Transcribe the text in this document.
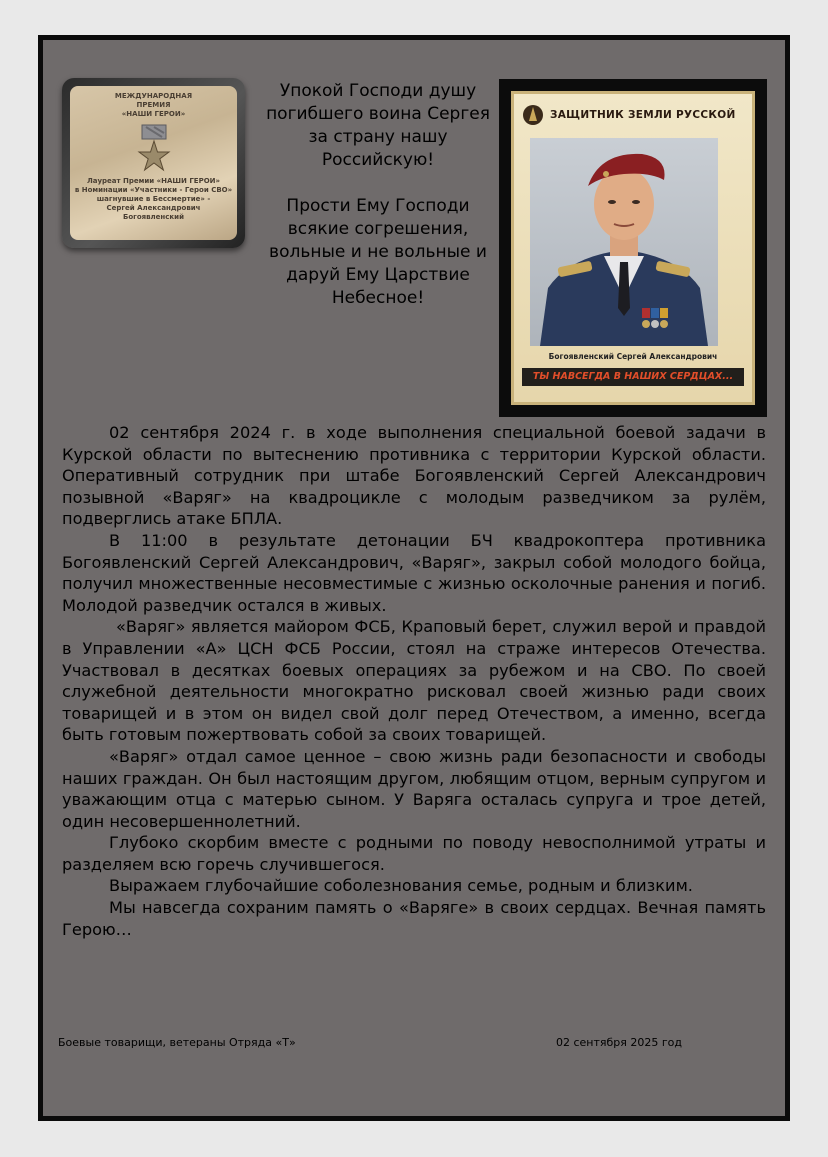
МЕЖДУНАРОДНАЯ
ПРЕМИЯ
«НАШИ ГЕРОИ»
Лауреат Премии «НАШИ ГЕРОИ»
в Номинации «Участники - Герои СВО»
шагнувшие в Бессмертие» -
Сергей Александрович
Богоявленский

Упокой Господи душу погибшего воина Сергея за страну нашу Российскую!

Прости Ему Господи всякие согрешения, вольные и не вольные и даруй Ему Царствие Небесное!

ЗАЩИТНИК ЗЕМЛИ РУССКОЙ
Богоявленский Сергей Александрович
ТЫ НАВСЕГДА В НАШИХ СЕРДЦАХ...

02 сентября 2024 г. в ходе выполнения специальной боевой задачи в Курской области по вытеснению противника с территории Курской области. Оперативный сотрудник при штабе Богоявленский Сергей Александрович позывной «Варяг» на квадроцикле с молодым разведчиком за рулём, подверглись атаке БПЛА.

В 11:00 в результате детонации БЧ квадрокоптера противника Богоявленский Сергей Александрович, «Варяг», закрыл собой молодого бойца, получил множественные несовместимые с жизнью осколочные ранения и погиб. Молодой разведчик остался в живых.

«Варяг» является майором ФСБ, Краповый берет, служил верой и правдой в Управлении «А» ЦСН ФСБ России, стоял на страже интересов Отечества. Участвовал в десятках боевых операциях за рубежом и на СВО. По своей служебной деятельности многократно рисковал своей жизнью ради своих товарищей и в этом он видел свой долг перед Отечеством, а именно, всегда быть готовым пожертвовать собой за своих товарищей.

«Варяг» отдал самое ценное – свою жизнь ради безопасности и свободы наших граждан. Он был настоящим другом, любящим отцом, верным супругом и уважающим отца с матерью сыном. У Варяга осталась супруга и трое детей, один несовершеннолетний.

Глубоко скорбим вместе с родными по поводу невосполнимой утраты и разделяем всю горечь случившегося.

Выражаем глубочайшие соболезнования семье, родным и близким.

Мы навсегда сохраним память о «Варяге» в своих сердцах. Вечная память Герою…

Боевые товарищи, ветераны Отряда «Т»	02 сентября 2025 год
